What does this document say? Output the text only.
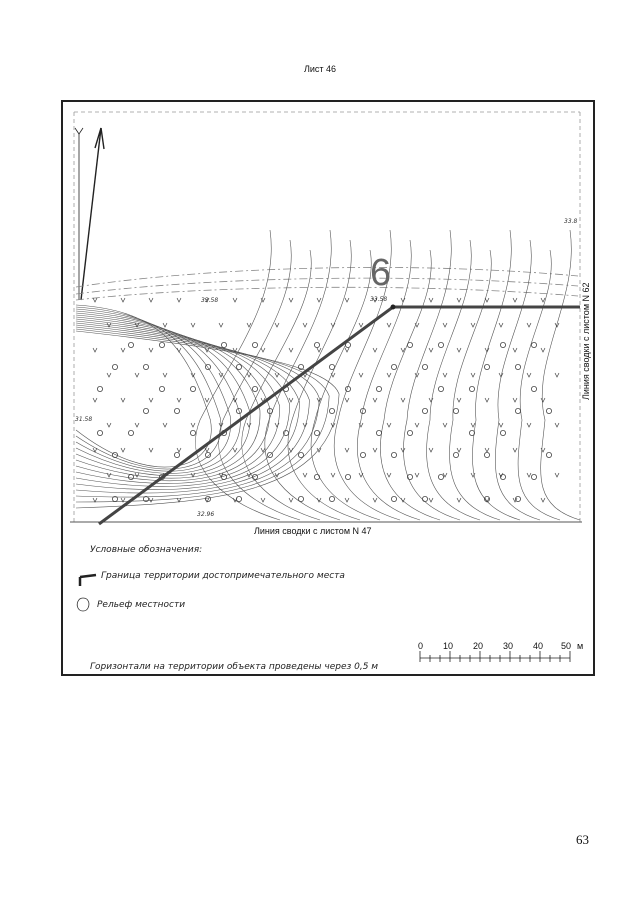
Лист 46
6
Линия сводки с листом N 62
Линия сводки с листом N 47
33.8
33.58	33.58
31.58
32.96
Условные обозначения:
Граница территории достопримечательного места
Рельеф местности
0 10 20 30 40 50 м
Горизонтали на территории объекта проведены через 0,5 м
63
